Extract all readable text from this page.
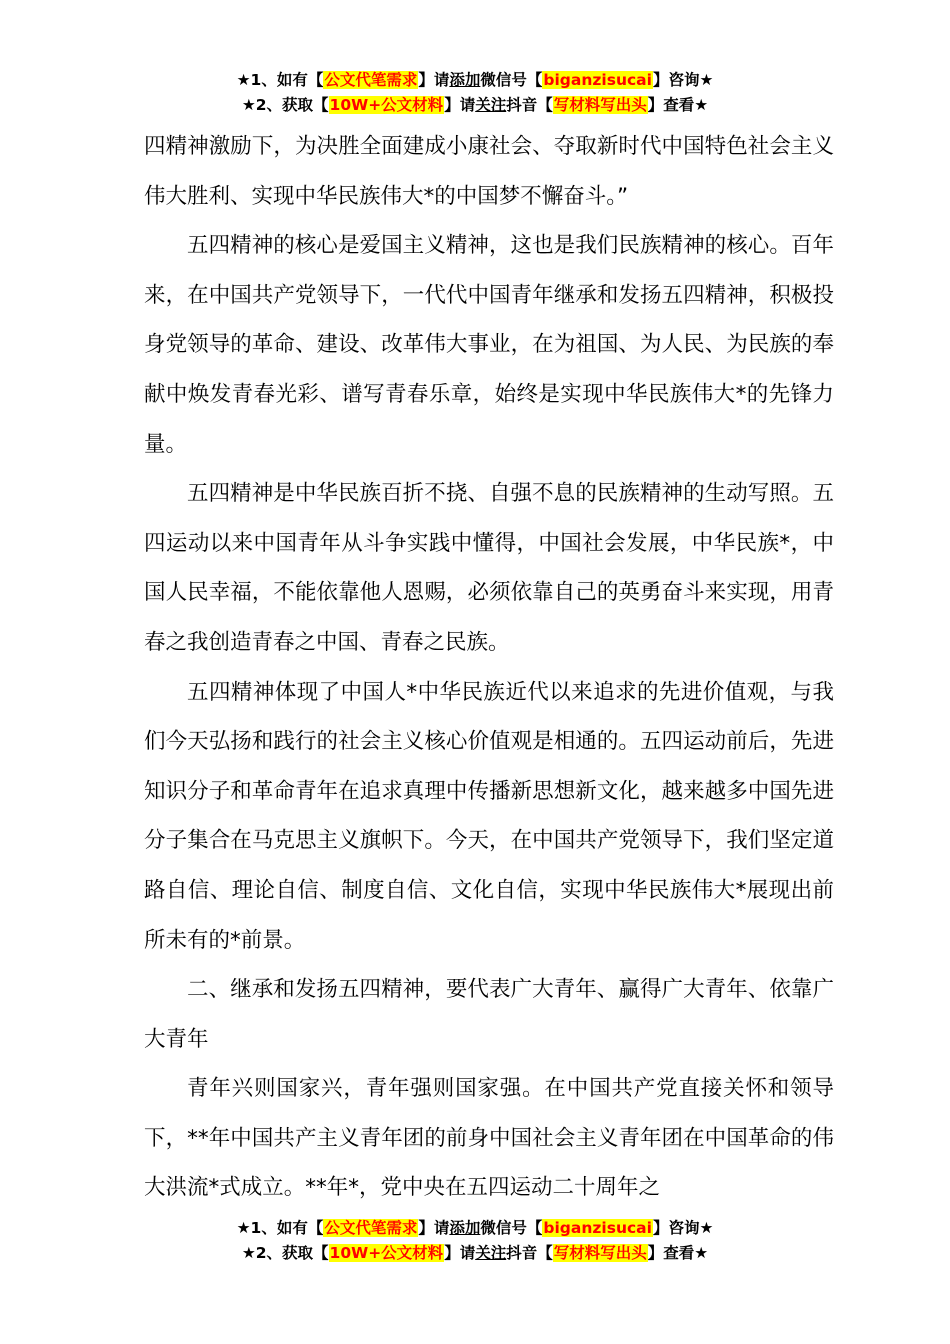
★1、如有【公文代笔需求】请添加微信号【biganzisucai】咨询★
★2、获取【10W+公文材料】请关注抖音【写材料写出头】查看★

四精神激励下，为决胜全面建成小康社会、夺取新时代中国特色社会主义伟大胜利、实现中华民族伟大*的中国梦不懈奋斗。”

五四精神的核心是爱国主义精神，这也是我们民族精神的核心。百年来，在中国共产党领导下，一代代中国青年继承和发扬五四精神，积极投身党领导的革命、建设、改革伟大事业，在为祖国、为人民、为民族的奉献中焕发青春光彩、谱写青春乐章，始终是实现中华民族伟大*的先锋力量。

五四精神是中华民族百折不挠、自强不息的民族精神的生动写照。五四运动以来中国青年从斗争实践中懂得，中国社会发展，中华民族*，中国人民幸福，不能依靠他人恩赐，必须依靠自己的英勇奋斗来实现，用青春之我创造青春之中国、青春之民族。

五四精神体现了中国人*中华民族近代以来追求的先进价值观，与我们今天弘扬和践行的社会主义核心价值观是相通的。五四运动前后，先进知识分子和革命青年在追求真理中传播新思想新文化，越来越多中国先进分子集合在马克思主义旗帜下。今天，在中国共产党领导下，我们坚定道路自信、理论自信、制度自信、文化自信，实现中华民族伟大*展现出前所未有的*前景。

二、继承和发扬五四精神，要代表广大青年、赢得广大青年、依靠广大青年

青年兴则国家兴，青年强则国家强。在中国共产党直接关怀和领导下，**年中国共产主义青年团的前身中国社会主义青年团在中国革命的伟大洪流*式成立。**年*，党中央在五四运动二十周年之

★1、如有【公文代笔需求】请添加微信号【biganzisucai】咨询★
★2、获取【10W+公文材料】请关注抖音【写材料写出头】查看★
